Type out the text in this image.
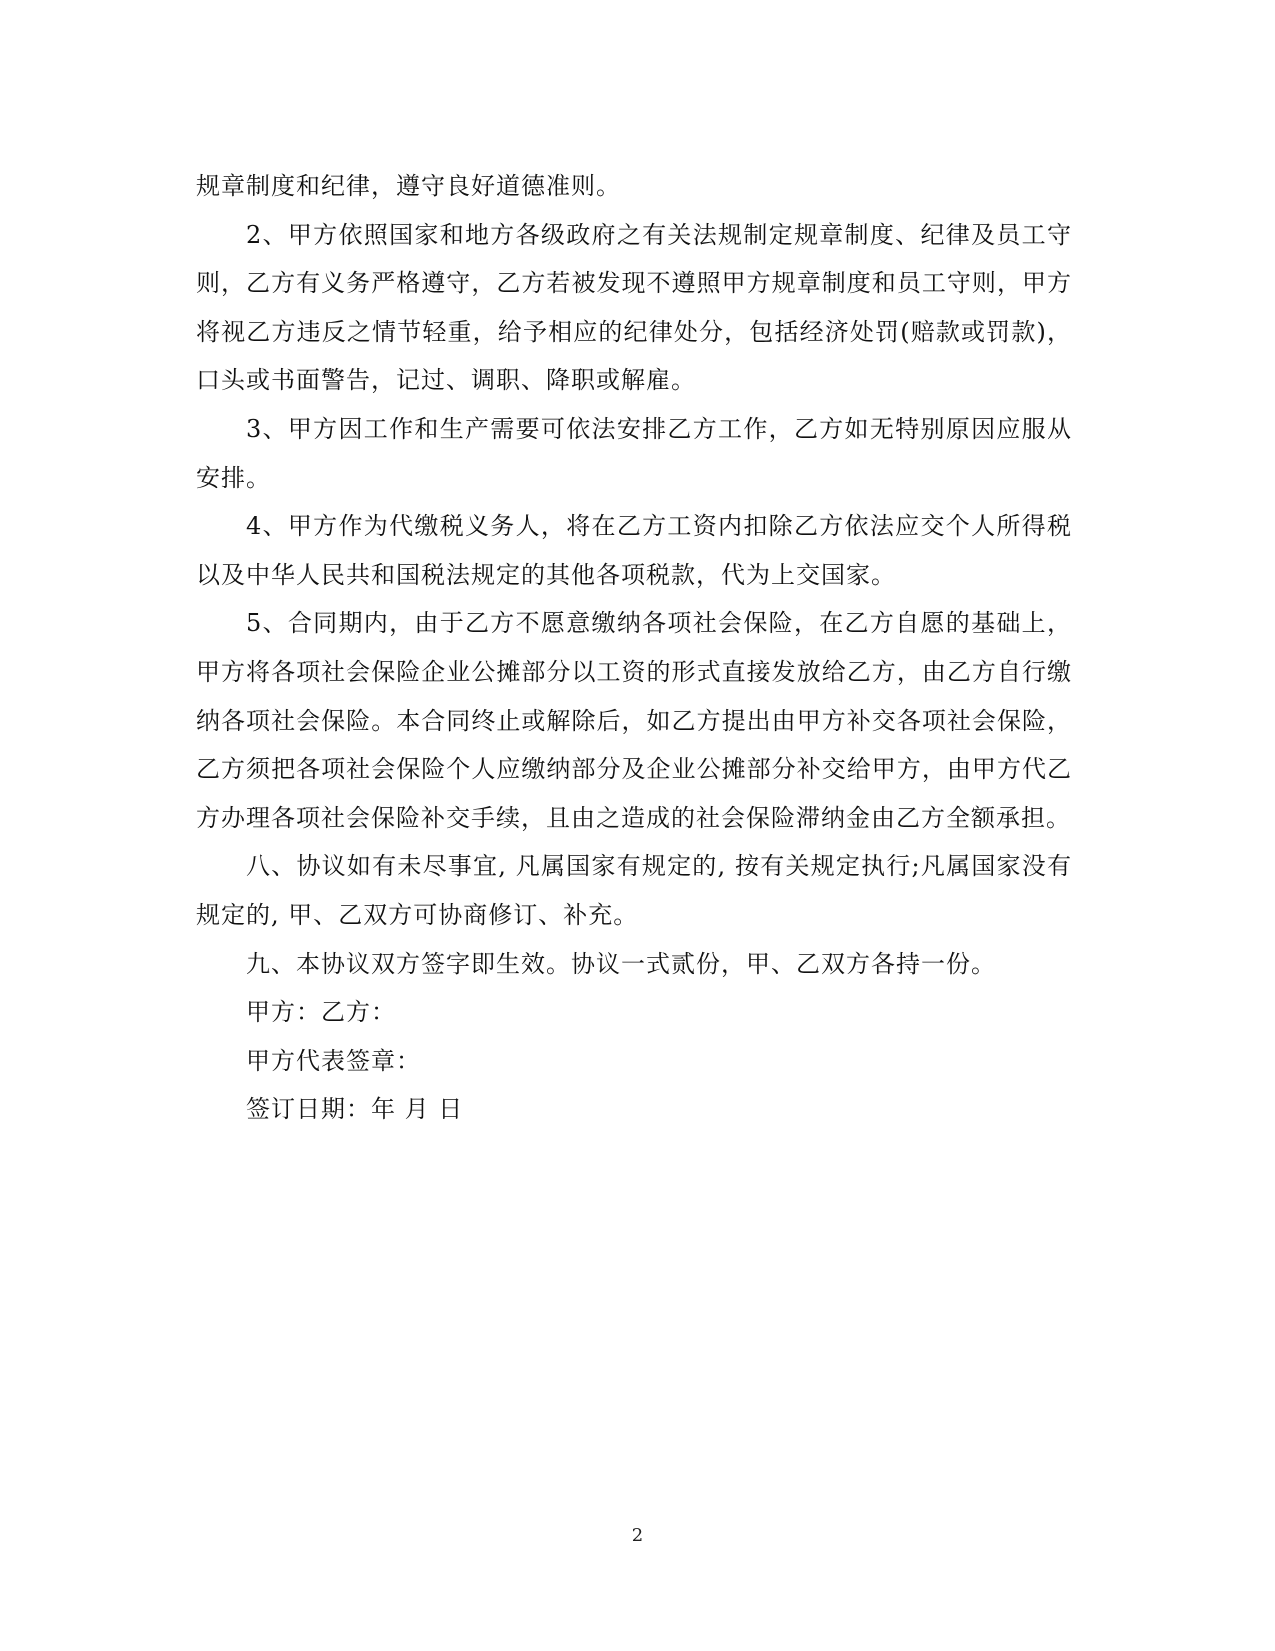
规章制度和纪律，遵守良好道德准则。

2、甲方依照国家和地方各级政府之有关法规制定规章制度、纪律及员工守则，乙方有义务严格遵守，乙方若被发现不遵照甲方规章制度和员工守则，甲方将视乙方违反之情节轻重，给予相应的纪律处分，包括经济处罚(赔款或罚款)，口头或书面警告，记过、调职、降职或解雇。

3、甲方因工作和生产需要可依法安排乙方工作，乙方如无特别原因应服从安排。

4、甲方作为代缴税义务人，将在乙方工资内扣除乙方依法应交个人所得税以及中华人民共和国税法规定的其他各项税款，代为上交国家。

5、合同期内，由于乙方不愿意缴纳各项社会保险，在乙方自愿的基础上，甲方将各项社会保险企业公摊部分以工资的形式直接发放给乙方，由乙方自行缴纳各项社会保险。本合同终止或解除后，如乙方提出由甲方补交各项社会保险，乙方须把各项社会保险个人应缴纳部分及企业公摊部分补交给甲方，由甲方代乙方办理各项社会保险补交手续，且由之造成的社会保险滞纳金由乙方全额承担。

八、协议如有未尽事宜, 凡属国家有规定的, 按有关规定执行;凡属国家没有规定的, 甲、乙双方可协商修订、补充。

九、本协议双方签字即生效。协议一式贰份，甲、乙双方各持一份。

甲方：乙方：

甲方代表签章：

签订日期：年 月 日

2
